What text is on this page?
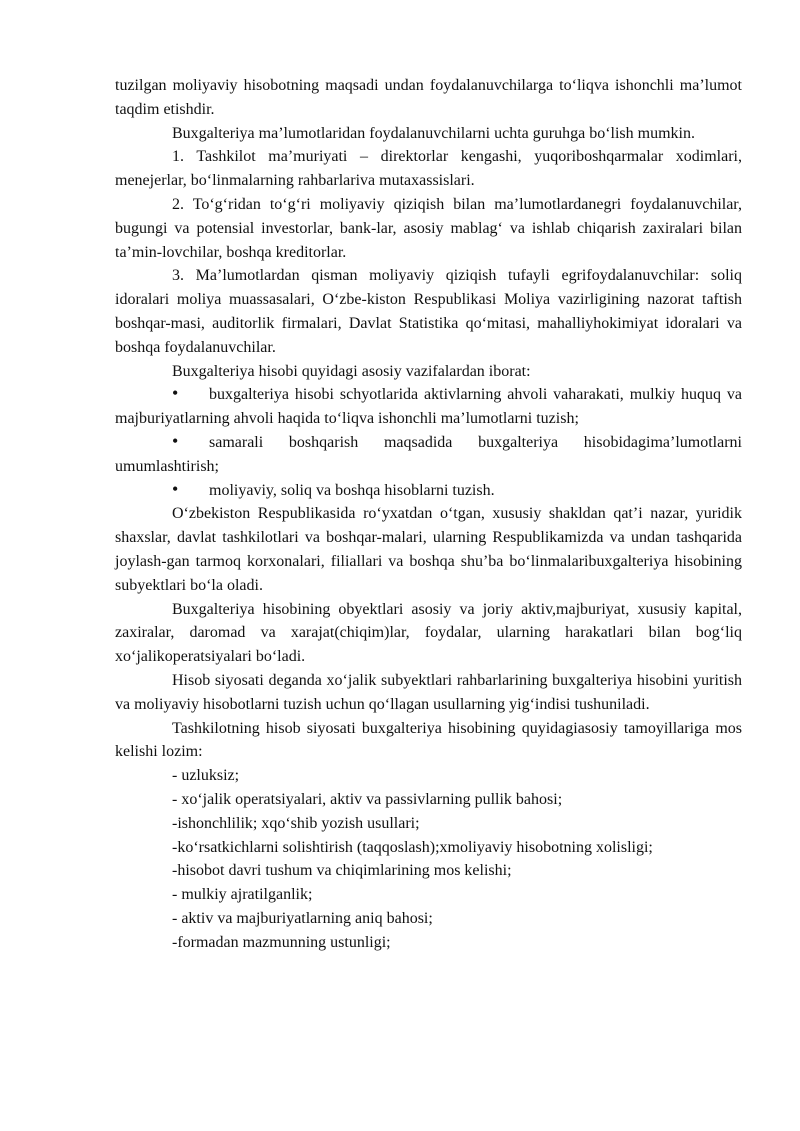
tuzilgan moliyaviy hisobotning maqsadi undan foydalanuvchilarga to‘liqva ishonchli ma’lumot taqdim etishdir.

Buxgalteriya ma’lumotlaridan foydalanuvchilarni uchta guruhga bo‘lish mumkin.

1. Tashkilot ma’muriyati – direktorlar kengashi, yuqoriboshqarmalar xodimlari, menejerlar, bo‘linmalarning rahbarlariva mutaxassislari.

2. To‘g‘ridan to‘g‘ri moliyaviy qiziqish bilan ma’lumotlardanegri foydalanuvchilar, bugungi va potensial investorlar, bank-lar, asosiy mablag‘ va ishlab chiqarish zaxiralari bilan ta’min-lovchilar, boshqa kreditorlar.

3. Ma’lumotlardan qisman moliyaviy qiziqish tufayli egrifoydalanuvchilar: soliq idoralari moliya muassasalari, O‘zbe-kiston Respublikasi Moliya vazirligining nazorat taftish boshqar-masi, auditorlik firmalari, Davlat Statistika qo‘mitasi, mahalliyhokimiyat idoralari va boshqa foydalanuvchilar.

Buxgalteriya hisobi quyidagi asosiy vazifalardan iborat:

• buxgalteriya hisobi schyotlarida aktivlarning ahvoli vaharakati, mulkiy huquq va majburiyatlarning ahvoli haqida to‘liqva ishonchli ma’lumotlarni tuzish;

• samarali boshqarish maqsadida buxgalteriya hisobidagima’lumotlarni umumlashtirish;

• moliyaviy, soliq va boshqa hisoblarni tuzish.

O‘zbekiston Respublikasida ro‘yxatdan o‘tgan, xususiy shakldan qat’i nazar, yuridik shaxslar, davlat tashkilotlari va boshqar-malari, ularning Respublikamizda va undan tashqarida joylash-gan tarmoq korxonalari, filiallari va boshqa shu’ba bo‘linmalaribuxgalteriya hisobining subyektlari bo‘la oladi.

Buxgalteriya hisobining obyektlari asosiy va joriy aktiv,majburiyat, xususiy kapital, zaxiralar, daromad va xarajat(chiqim)lar, foydalar, ularning harakatlari bilan bog‘liq xo‘jalikoperatsiyalari bo‘ladi.

Hisob siyosati deganda xo‘jalik subyektlari rahbarlarining buxgalteriya hisobini yuritish va moliyaviy hisobotlarni tuzish uchun qo‘llagan usullarning yig‘indisi tushuniladi.

Tashkilotning hisob siyosati buxgalteriya hisobining quyidagiasosiy tamoyillariga mos kelishi lozim:

- uzluksiz;

- xo‘jalik operatsiyalari, aktiv va passivlarning pullik bahosi;

-ishonchlilik; xqo‘shib yozish usullari;

-ko‘rsatkichlarni solishtirish (taqqoslash);xmoliyaviy hisobotning xolisligi;

-hisobot davri tushum va chiqimlarining mos kelishi;

- mulkiy ajratilganlik;

- aktiv va majburiyatlarning aniq bahosi;

-formadan mazmunning ustunligi;
